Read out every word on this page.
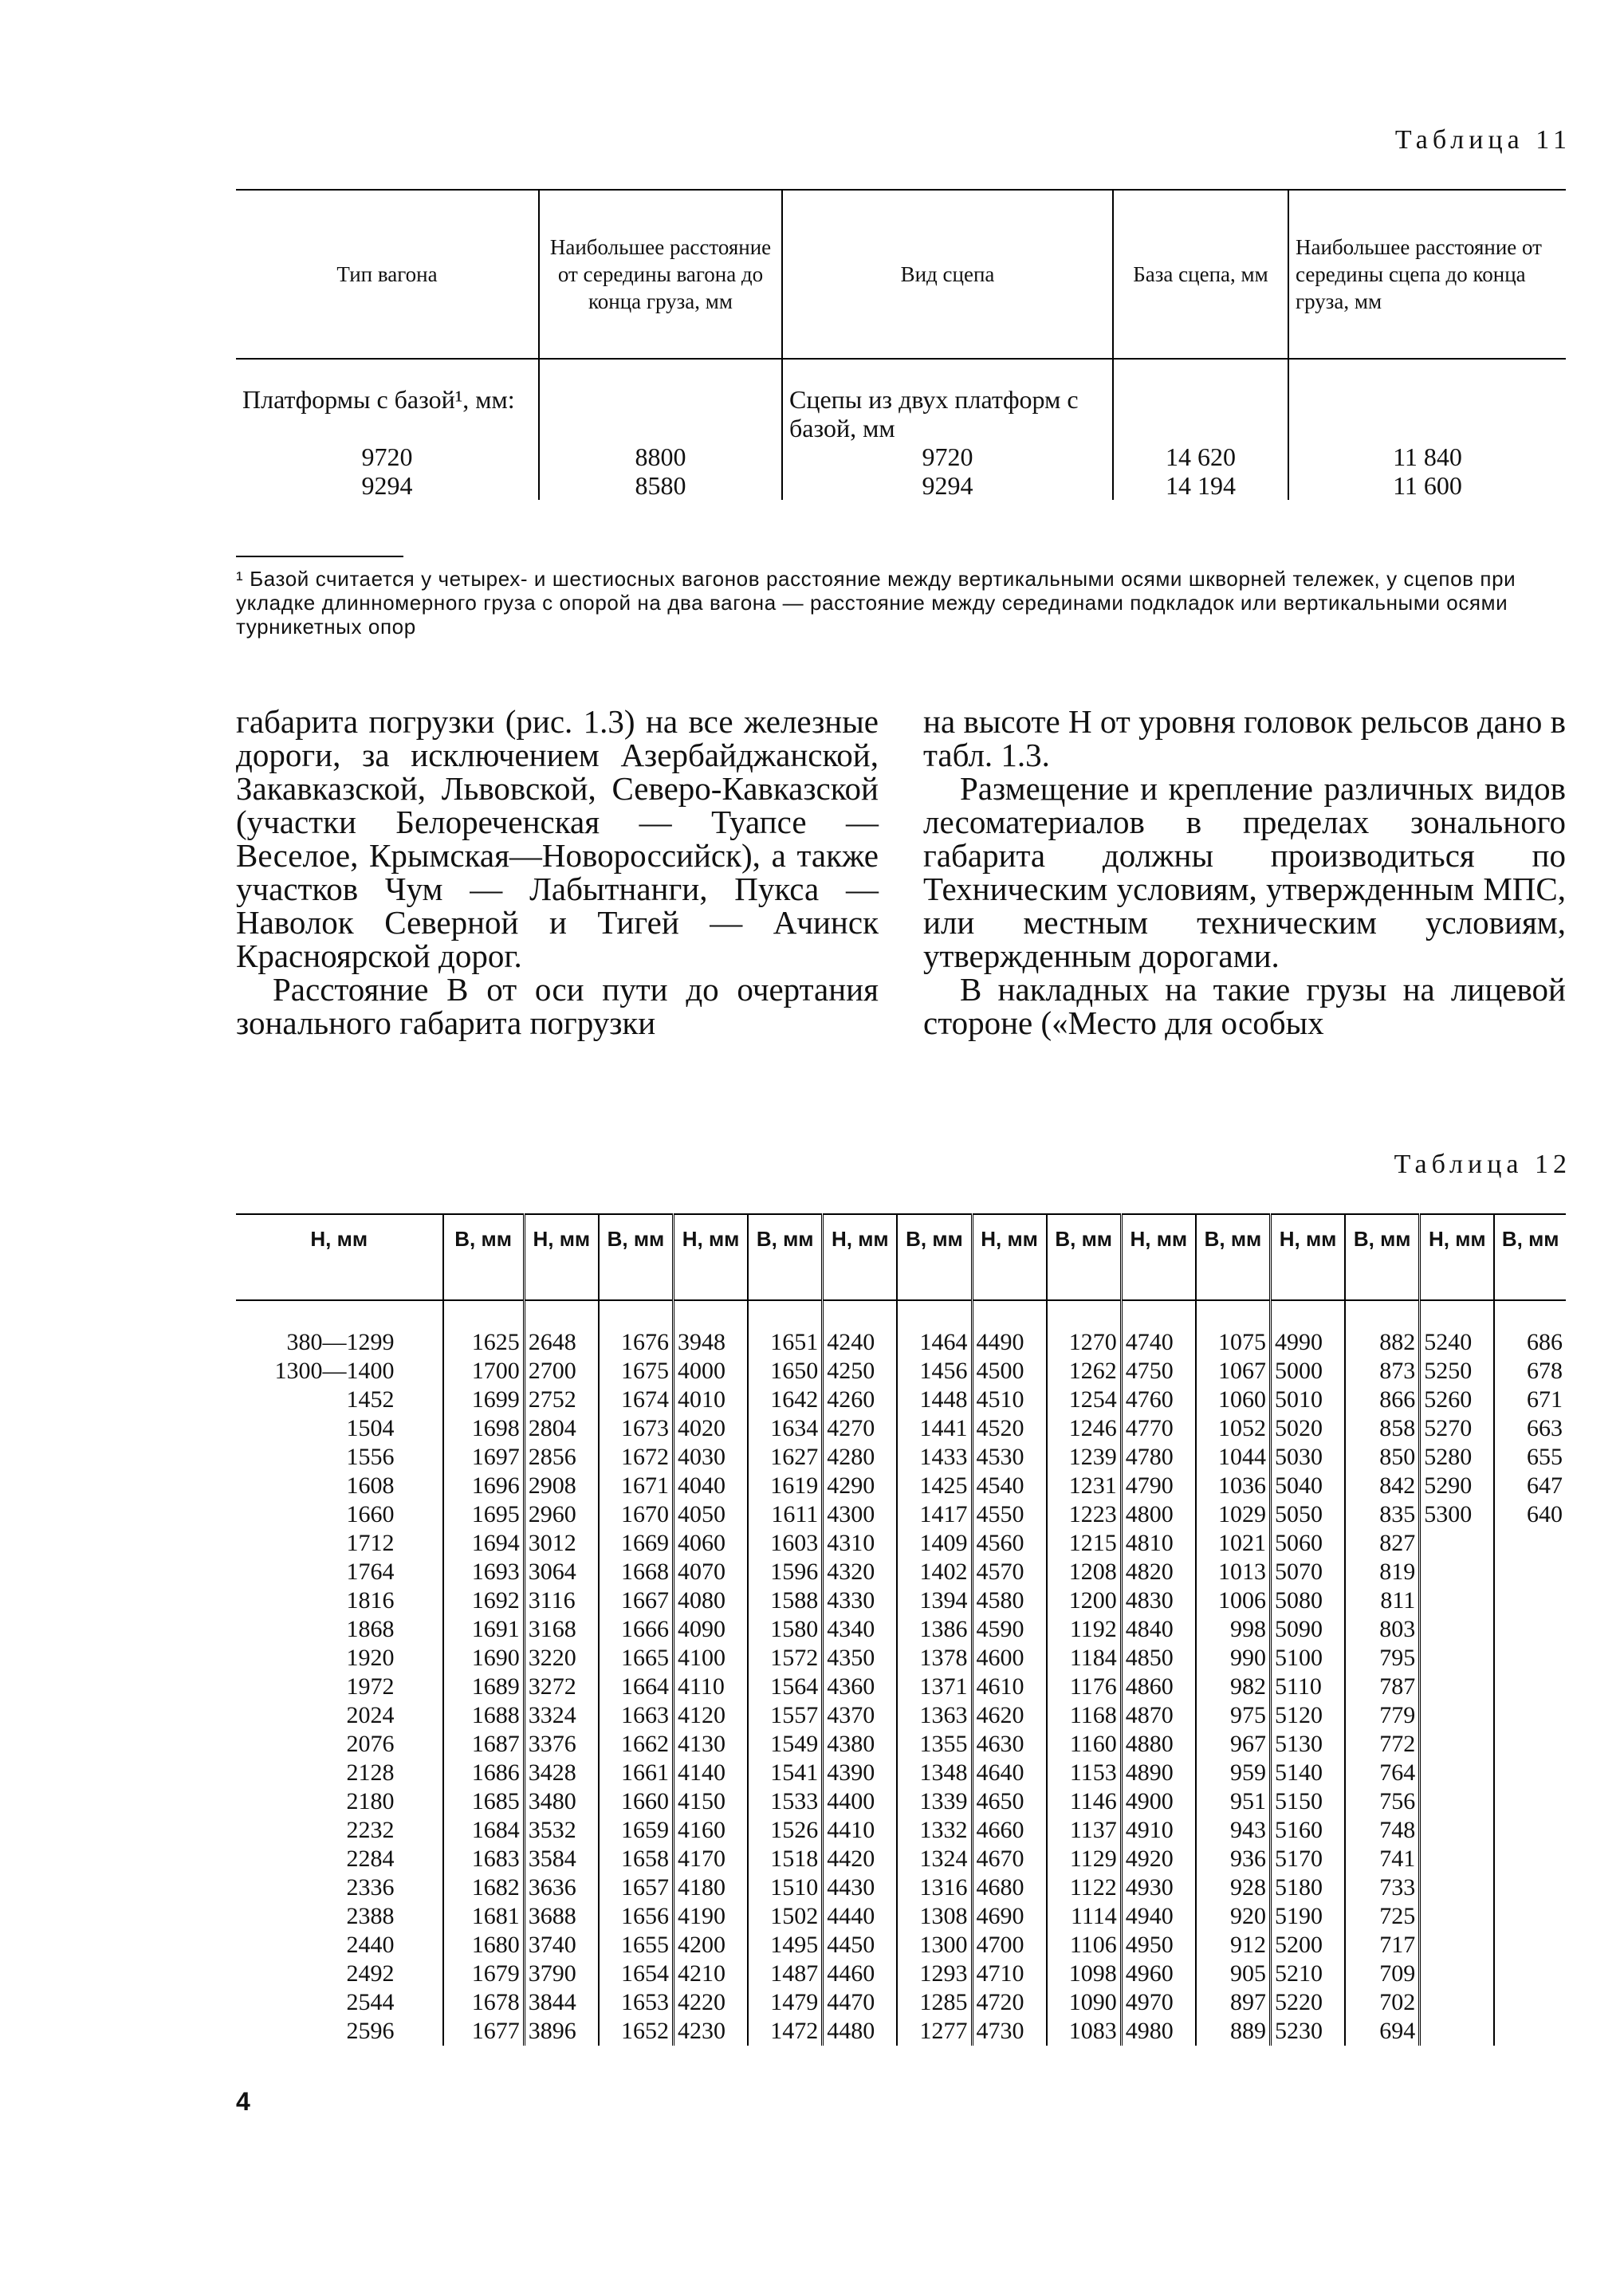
Таблица 11
Тип вагона	Наибольшее расстояние от середины вагона до конца груза, мм	Вид сцепа	База сцепа, мм	Наибольшее расстояние от середины сцепа до конца груза, мм

Платформы с базой¹, мм:		Сцепы из двух платформ с базой, мм		
9720	8800	9720	14 620	11 840
9294	8580	9294	14 194	11 600
¹ Базой считается у четырех- и шестиосных вагонов расстояние между вертикальными осями шкворней тележек, у сцепов при укладке длинномерного груза с опорой на два вагона — расстояние между серединами подкладок или вертикальными осями турникетных опор

габарита погрузки (рис. 1.3) на все железные дороги, за исключением Азербайджанской, Закавказской, Львовской, Северо-Кавказской (участки Белореченская — Туапсе — Веселое, Крымская—Новороссийск), а также участков Чум — Лабытнанги, Пукса — Наволок Северной и Тигей — Ачинск Красноярской дорог.

Расстояние В от оси пути до очертания зонального габарита погрузки

на высоте Н от уровня головок рельсов дано в табл. 1.3.

Размещение и крепление различных видов лесоматериалов в пределах зонального габарита должны производиться по Техническим условиям, утвержденным МПС, или местным техническим условиям, утвержденным дорогами.

В накладных на такие грузы на лицевой стороне («Место для особых

Таблица 12
Н, мм	В, мм	Н, мм	В, мм	Н, мм	В, мм	Н, мм	В, мм	Н, мм	В, мм	Н, мм	В, мм	Н, мм	В, мм	Н, мм	В, мм

380—1299	1625	2648	1676	3948	1651	4240	1464	4490	1270	4740	1075	4990	882	5240	686
1300—1400	1700	2700	1675	4000	1650	4250	1456	4500	1262	4750	1067	5000	873	5250	678
1452	1699	2752	1674	4010	1642	4260	1448	4510	1254	4760	1060	5010	866	5260	671
1504	1698	2804	1673	4020	1634	4270	1441	4520	1246	4770	1052	5020	858	5270	663
1556	1697	2856	1672	4030	1627	4280	1433	4530	1239	4780	1044	5030	850	5280	655
1608	1696	2908	1671	4040	1619	4290	1425	4540	1231	4790	1036	5040	842	5290	647
1660	1695	2960	1670	4050	1611	4300	1417	4550	1223	4800	1029	5050	835	5300	640
1712	1694	3012	1669	4060	1603	4310	1409	4560	1215	4810	1021	5060	827		
1764	1693	3064	1668	4070	1596	4320	1402	4570	1208	4820	1013	5070	819		
1816	1692	3116	1667	4080	1588	4330	1394	4580	1200	4830	1006	5080	811		
1868	1691	3168	1666	4090	1580	4340	1386	4590	1192	4840	998	5090	803		
1920	1690	3220	1665	4100	1572	4350	1378	4600	1184	4850	990	5100	795		
1972	1689	3272	1664	4110	1564	4360	1371	4610	1176	4860	982	5110	787		
2024	1688	3324	1663	4120	1557	4370	1363	4620	1168	4870	975	5120	779		
2076	1687	3376	1662	4130	1549	4380	1355	4630	1160	4880	967	5130	772		
2128	1686	3428	1661	4140	1541	4390	1348	4640	1153	4890	959	5140	764		
2180	1685	3480	1660	4150	1533	4400	1339	4650	1146	4900	951	5150	756		
2232	1684	3532	1659	4160	1526	4410	1332	4660	1137	4910	943	5160	748		
2284	1683	3584	1658	4170	1518	4420	1324	4670	1129	4920	936	5170	741		
2336	1682	3636	1657	4180	1510	4430	1316	4680	1122	4930	928	5180	733		
2388	1681	3688	1656	4190	1502	4440	1308	4690	1114	4940	920	5190	725		
2440	1680	3740	1655	4200	1495	4450	1300	4700	1106	4950	912	5200	717		
2492	1679	3790	1654	4210	1487	4460	1293	4710	1098	4960	905	5210	709		
2544	1678	3844	1653	4220	1479	4470	1285	4720	1090	4970	897	5220	702		
2596	1677	3896	1652	4230	1472	4480	1277	4730	1083	4980	889	5230	694		
4
